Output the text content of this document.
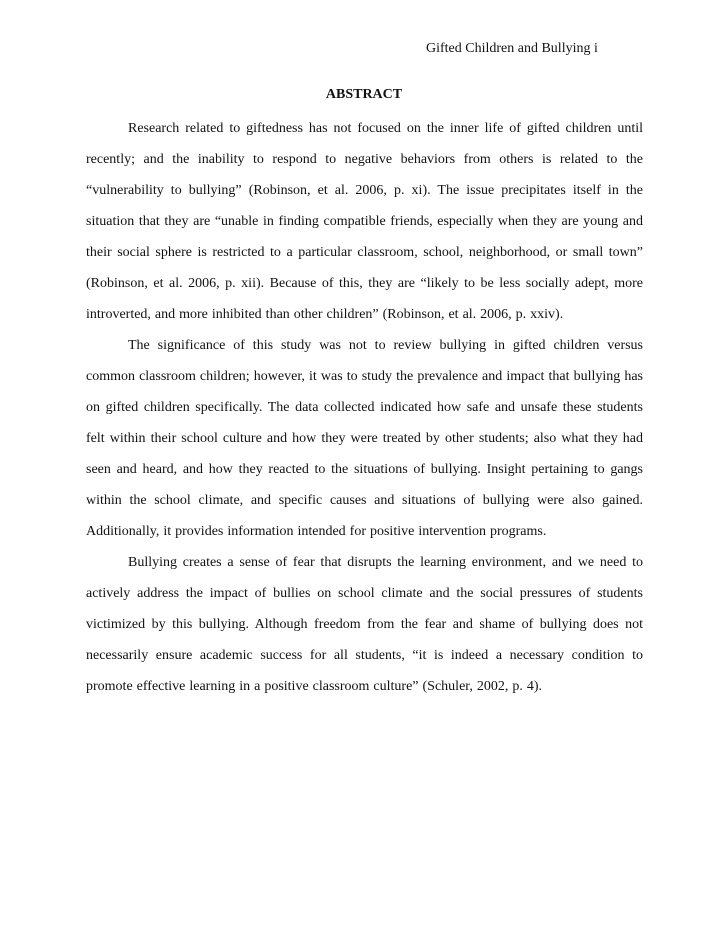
Gifted Children and Bullying i
ABSTRACT

Research related to giftedness has not focused on the inner life of gifted children until recently; and the inability to respond to negative behaviors from others is related to the “vulnerability to bullying” (Robinson, et al. 2006, p. xi). The issue precipitates itself in the situation that they are “unable in finding compatible friends, especially when they are young and their social sphere is restricted to a particular classroom, school, neighborhood, or small town” (Robinson, et al. 2006, p. xii). Because of this, they are “likely to be less socially adept, more introverted, and more inhibited than other children” (Robinson, et al. 2006, p. xxiv).

The significance of this study was not to review bullying in gifted children versus common classroom children; however, it was to study the prevalence and impact that bullying has on gifted children specifically. The data collected indicated how safe and unsafe these students felt within their school culture and how they were treated by other students; also what they had seen and heard, and how they reacted to the situations of bullying. Insight pertaining to gangs within the school climate, and specific causes and situations of bullying were also gained. Additionally, it provides information intended for positive intervention programs.

Bullying creates a sense of fear that disrupts the learning environment, and we need to actively address the impact of bullies on school climate and the social pressures of students victimized by this bullying. Although freedom from the fear and shame of bullying does not necessarily ensure academic success for all students, “it is indeed a necessary condition to promote effective learning in a positive classroom culture” (Schuler, 2002, p. 4).
